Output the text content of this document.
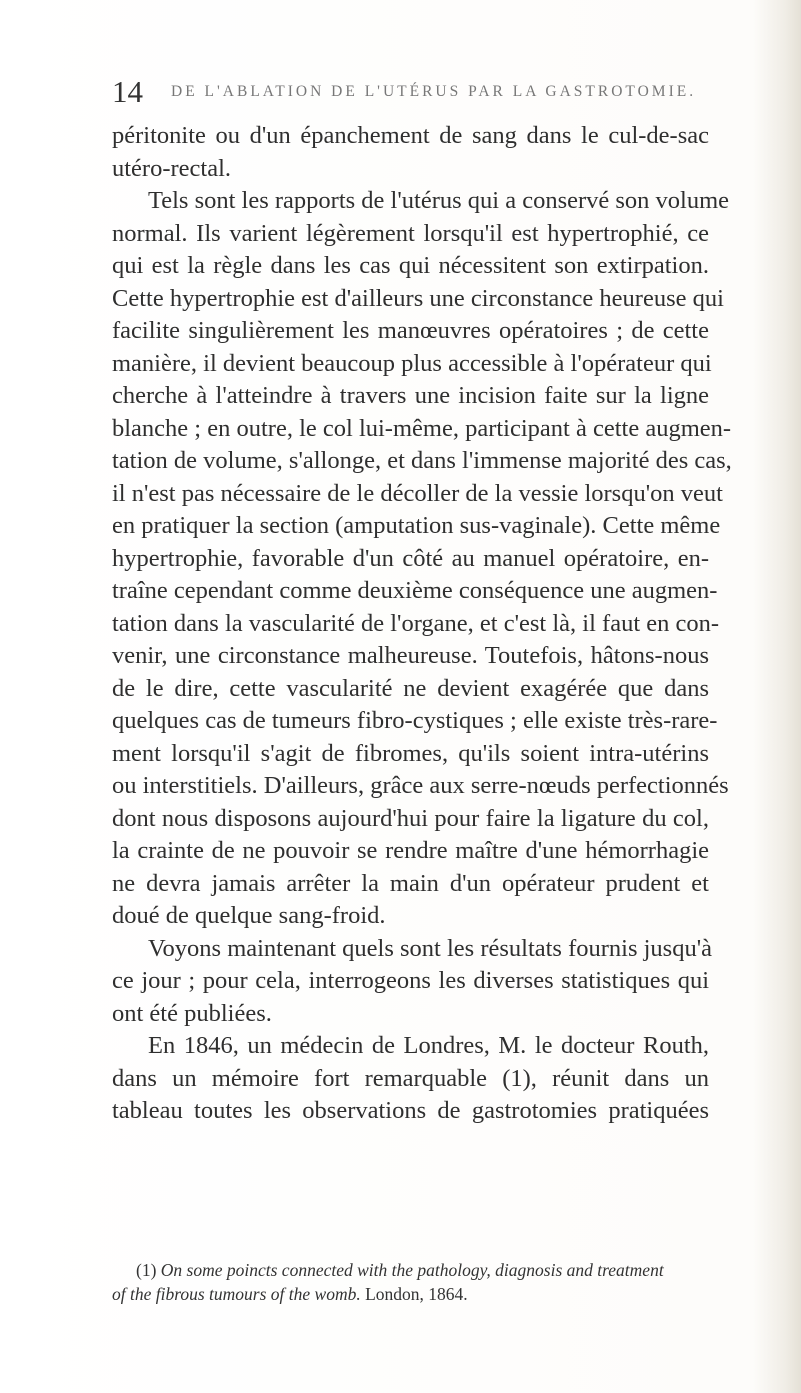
14 DE L'ABLATION DE L'UTÉRUS PAR LA GASTROTOMIE.
péritonite ou d'un épanchement de sang dans le cul-de-sac
utéro-rectal.
Tels sont les rapports de l'utérus qui a conservé son volume
normal. Ils varient légèrement lorsqu'il est hypertrophié, ce
qui est la règle dans les cas qui nécessitent son extirpation.
Cette hypertrophie est d'ailleurs une circonstance heureuse qui
facilite singulièrement les manœuvres opératoires ; de cette
manière, il devient beaucoup plus accessible à l'opérateur qui
cherche à l'atteindre à travers une incision faite sur la ligne
blanche ; en outre, le col lui-même, participant à cette augmen-
tation de volume, s'allonge, et dans l'immense majorité des cas,
il n'est pas nécessaire de le décoller de la vessie lorsqu'on veut
en pratiquer la section (amputation sus-vaginale). Cette même
hypertrophie, favorable d'un côté au manuel opératoire, en-
traîne cependant comme deuxième conséquence une augmen-
tation dans la vascularité de l'organe, et c'est là, il faut en con-
venir, une circonstance malheureuse. Toutefois, hâtons-nous
de le dire, cette vascularité ne devient exagérée que dans
quelques cas de tumeurs fibro-cystiques ; elle existe très-rare-
ment lorsqu'il s'agit de fibromes, qu'ils soient intra-utérins
ou interstitiels. D'ailleurs, grâce aux serre-nœuds perfectionnés
dont nous disposons aujourd'hui pour faire la ligature du col,
la crainte de ne pouvoir se rendre maître d'une hémorrhagie
ne devra jamais arrêter la main d'un opérateur prudent et
doué de quelque sang-froid.
Voyons maintenant quels sont les résultats fournis jusqu'à
ce jour ; pour cela, interrogeons les diverses statistiques qui
ont été publiées.
En 1846, un médecin de Londres, M. le docteur Routh,
dans un mémoire fort remarquable (1), réunit dans un
tableau toutes les observations de gastrotomies pratiquées
(1) On some poincts connected with the pathology, diagnosis and treatment
of the fibrous tumours of the womb. London, 1864.
